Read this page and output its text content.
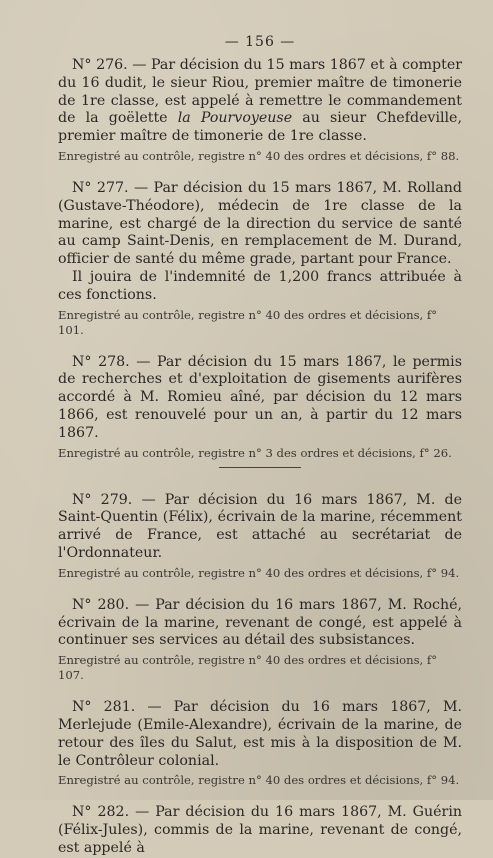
— 156 —

N° 276. — Par décision du 15 mars 1867 et à compter du 16 dudit, le sieur Riou, premier maître de timonerie de 1re classe, est appelé à remettre le commandement de la goëlette la Pourvoyeuse au sieur Chefdeville, premier maître de timonerie de 1re classe.

Enregistré au contrôle, registre n° 40 des ordres et décisions, f° 88.

N° 277. — Par décision du 15 mars 1867, M. Rolland (Gustave-Théodore), médecin de 1re classe de la marine, est chargé de la direction du service de santé au camp Saint-Denis, en remplacement de M. Durand, officier de santé du même grade, partant pour France.

Il jouira de l'indemnité de 1,200 francs attribuée à ces fonctions.

Enregistré au contrôle, registre n° 40 des ordres et décisions, f° 101.

N° 278. — Par décision du 15 mars 1867, le permis de recherches et d'exploitation de gisements aurifères accordé à M. Romieu aîné, par décision du 12 mars 1866, est renouvelé pour un an, à partir du 12 mars 1867.

Enregistré au contrôle, registre n° 3 des ordres et décisions, f° 26.

N° 279. — Par décision du 16 mars 1867, M. de Saint-Quentin (Félix), écrivain de la marine, récemment arrivé de France, est attaché au secrétariat de l'Ordonnateur.

Enregistré au contrôle, registre n° 40 des ordres et décisions, f° 94.

N° 280. — Par décision du 16 mars 1867, M. Roché, écrivain de la marine, revenant de congé, est appelé à continuer ses services au détail des subsistances.

Enregistré au contrôle, registre n° 40 des ordres et décisions, f° 107.

N° 281. — Par décision du 16 mars 1867, M. Merlejude (Emile-Alexandre), écrivain de la marine, de retour des îles du Salut, est mis à la disposition de M. le Contrôleur colonial.

Enregistré au contrôle, registre n° 40 des ordres et décisions, f° 94.

N° 282. — Par décision du 16 mars 1867, M. Guérin (Félix-Jules), commis de la marine, revenant de congé, est appelé à
